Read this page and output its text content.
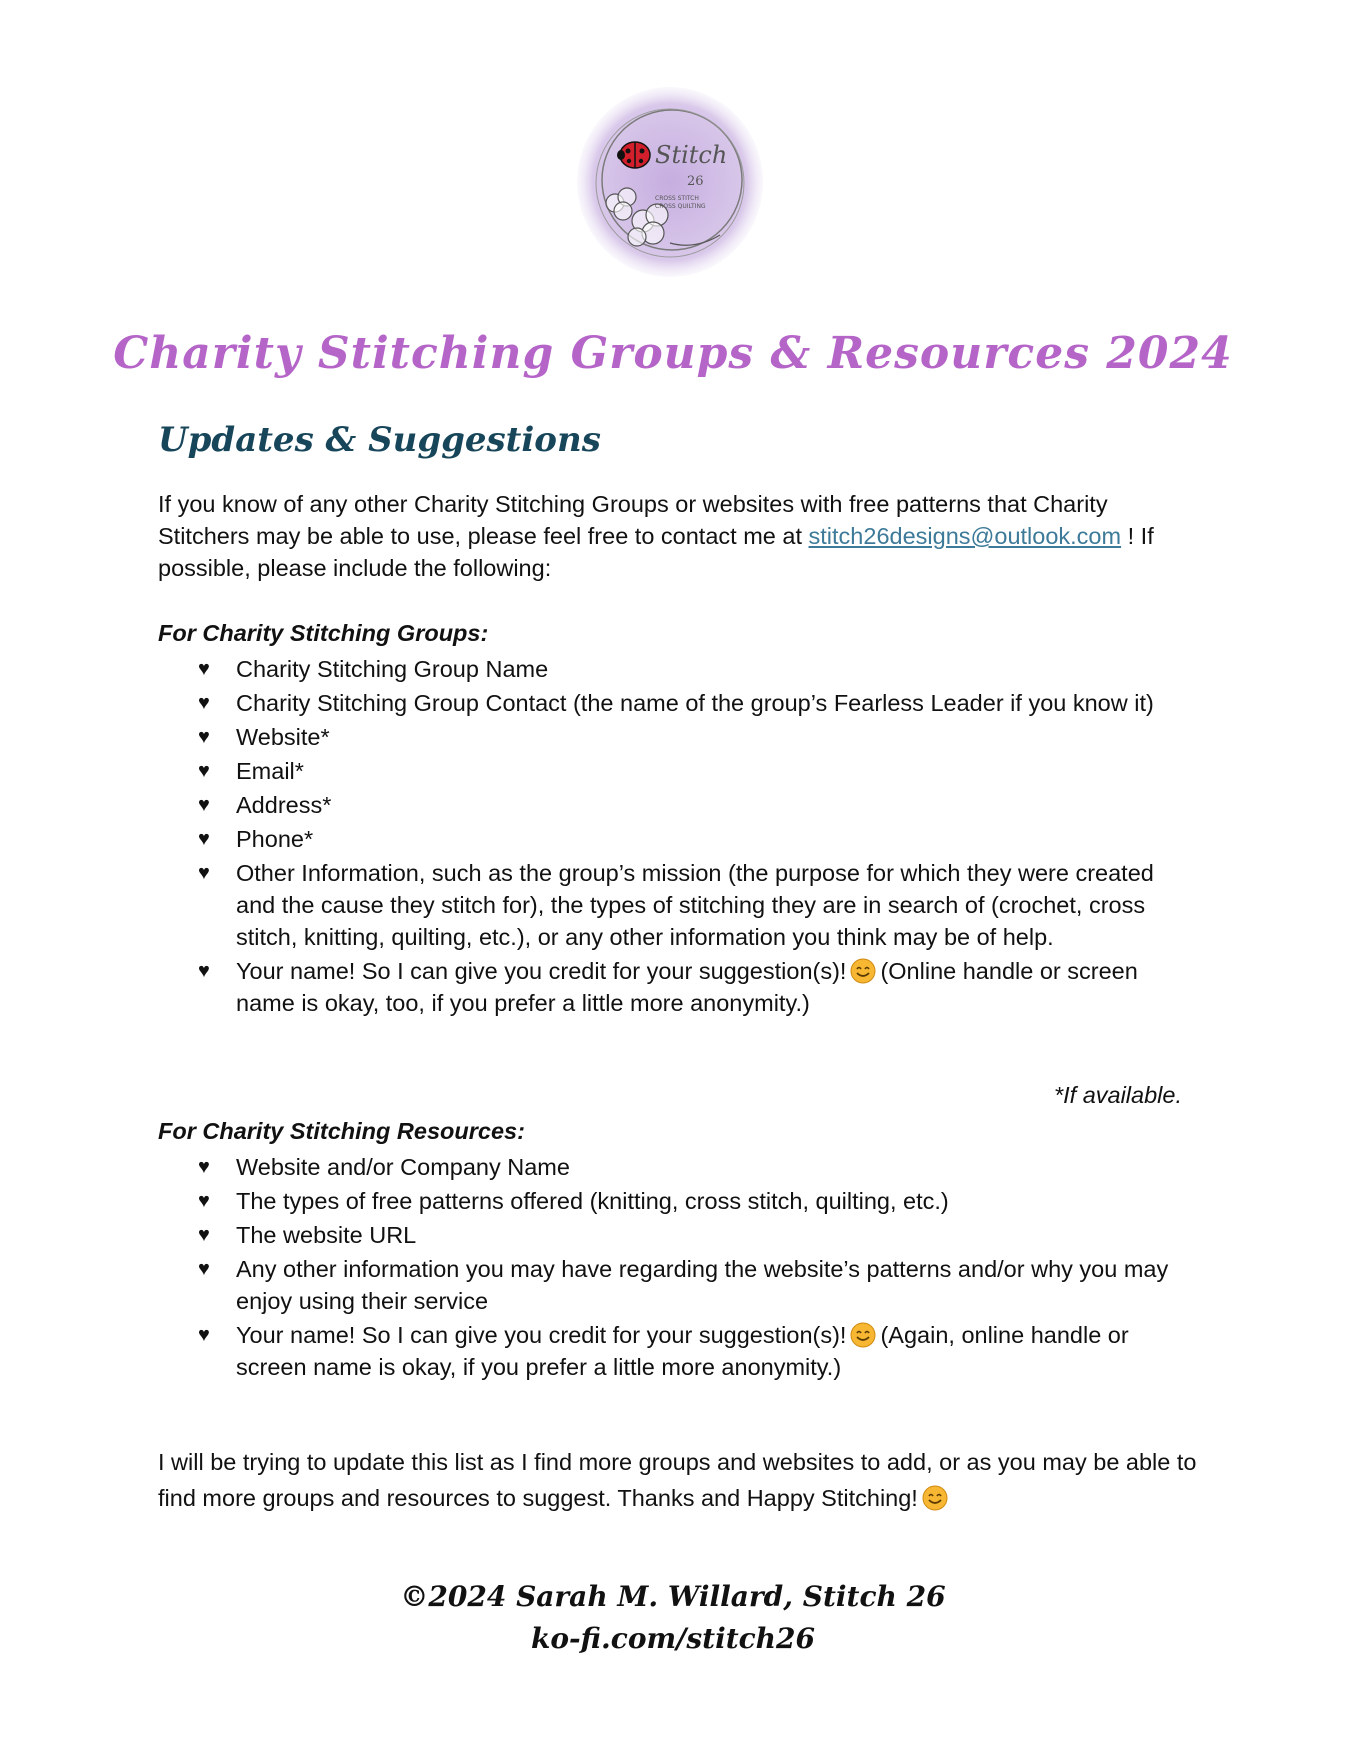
Stitch
26
CROSS STITCH
CROSS QUILTING
Charity Stitching Groups & Resources 2024
Updates & Suggestions

If you know of any other Charity Stitching Groups or websites with free patterns that Charity Stitchers may be able to use, please feel free to contact me at stitch26designs@outlook.com ! If possible, please include the following:

For Charity Stitching Groups:

♥ Charity Stitching Group Name
♥ Charity Stitching Group Contact (the name of the group’s Fearless Leader if you know it)
♥ Website*
♥ Email*
♥ Address*
♥ Phone*
♥ Other Information, such as the group’s mission (the purpose for which they were created and the cause they stitch for), the types of stitching they are in search of (crochet, cross stitch, knitting, quilting, etc.), or any other information you think may be of help.
♥ Your name! So I can give you credit for your suggestion(s)! (Online handle or screen name is okay, too, if you prefer a little more anonymity.)

*If available.

For Charity Stitching Resources:

♥ Website and/or Company Name
♥ The types of free patterns offered (knitting, cross stitch, quilting, etc.)
♥ The website URL
♥ Any other information you may have regarding the website’s patterns and/or why you may enjoy using their service
♥ Your name! So I can give you credit for your suggestion(s)! (Again, online handle or screen name is okay, if you prefer a little more anonymity.)

I will be trying to update this list as I find more groups and websites to add, or as you may be able to find more groups and resources to suggest. Thanks and Happy Stitching!

©2024 Sarah M. Willard, Stitch 26

ko-fi.com/stitch26
